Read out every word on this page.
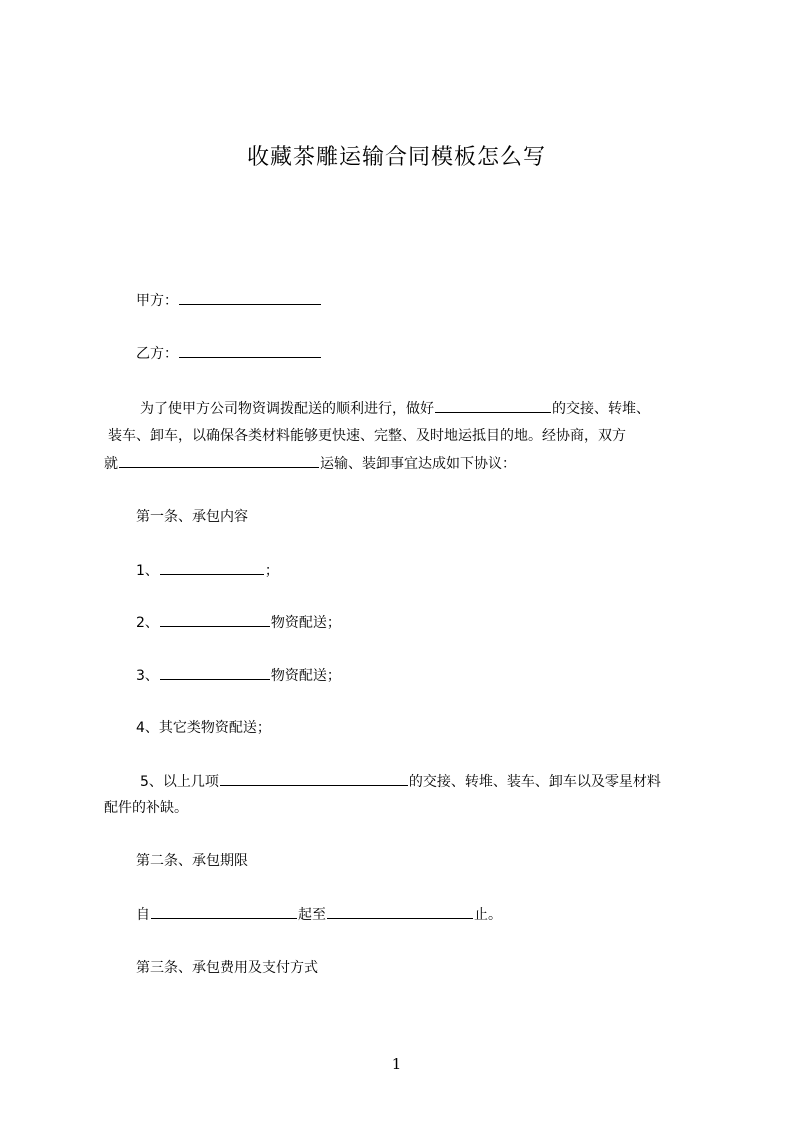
收藏茶雕运输合同模板怎么写
甲方：
乙方：
为了使甲方公司物资调拨配送的顺利进行，做好	的交接、转堆、
装车、卸车，以确保各类材料能够更快速、完整、及时地运抵目的地。经协商，双方
就	运输、装卸事宜达成如下协议：
第一条、承包内容
1、	；
2、	物资配送；
3、	物资配送；
4、其它类物资配送；
5、以上几项	的交接、转堆、装车、卸车以及零星材料
配件的补缺。
第二条、承包期限
自	起至	止。
第三条、承包费用及支付方式
1
